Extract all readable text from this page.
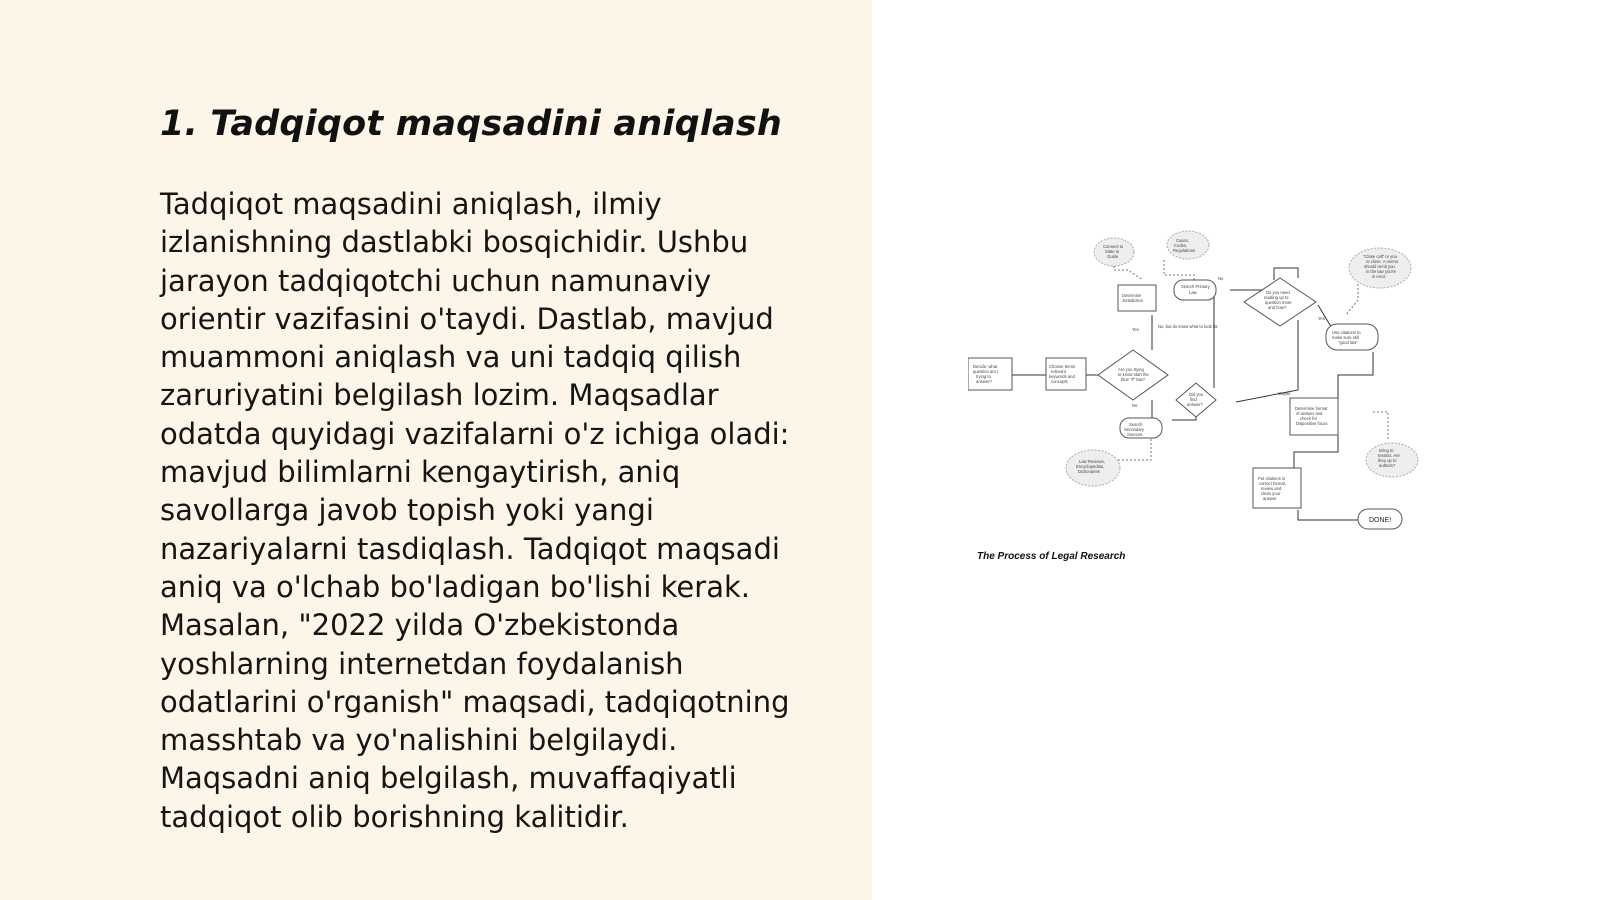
1. Tadqiqot maqsadini aniqlash

Tadqiqot maqsadini aniqlash, ilmiy izlanishning dastlabki bosqichidir. Ushbu jarayon tadqiqotchi uchun namunaviy orientir vazifasini o'taydi. Dastlab, mavjud muammoni aniqlash va uni tadqiq qilish zaruriyatini belgilash lozim. Maqsadlar odatda quyidagi vazifalarni o'z ichiga oladi: mavjud bilimlarni kengaytirish, aniq savollarga javob topish yoki yangi nazariyalarni tasdiqlash. Tadqiqot maqsadi aniq va o'lchab bo'ladigan bo'lishi kerak. Masalan, "2022 yilda O'zbekistonda yoshlarning internetdan foydalanish odatlarini o'rganish" maqsadi, tadqiqotning masshtab va yo'nalishini belgilaydi. Maqsadni aniq belgilash, muvaffaqiyatli tadqiqot olib borishning kalitidir.

Connect to
Slate to
Guide
Cases,
Codes,
Regulations
"Close call" or you
re close. A memo
should remit you
in the law you're
in error.
Bring to
Instinct. Are
they up to
authors?
Law Reviews,
Encyclopedias,
Dictionaries
Decide: what
question am I
trying to
answer?
Choose terms
relevant
keywords and
concepts
Determine
Jurisdiction
Determine format
of answer and
check for
Dispositive focus
Put citations in
correct format,
review and
clean your
answer
Search Primary
Law
Search
Secondary
Sources
Use citations to
make sure still
"good law"
DONE!
Are you trying
to know start the
blue "if" law?
Did you
find
answer?
Do you need
reading up to
question more
and how?
Yes
No, but do know what to look for
No
No
Yes
Maybe
The Process of Legal Research
